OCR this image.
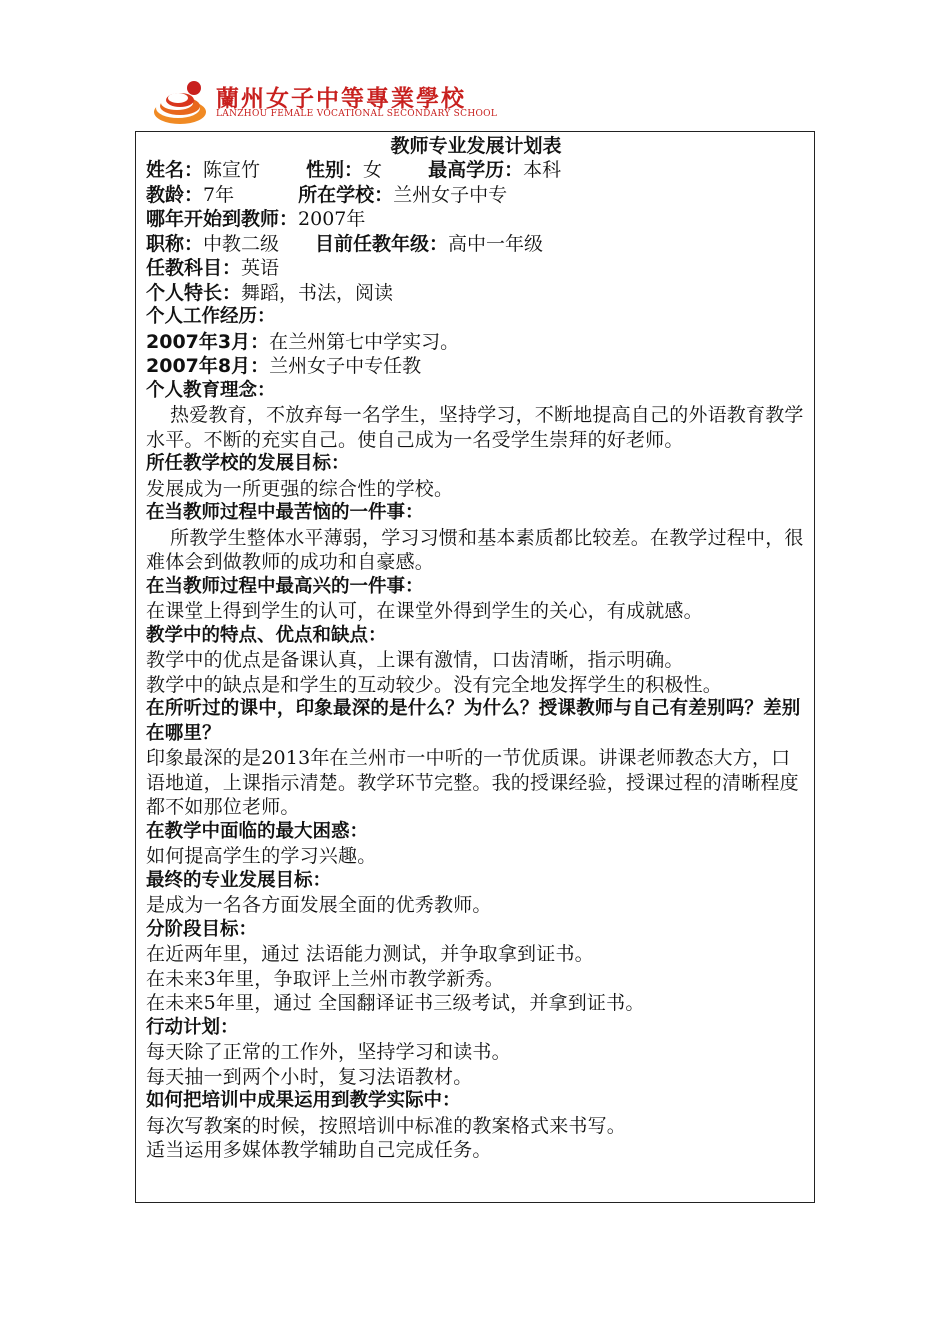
蘭州女子中等專業學校
LANZHOU FEMALE VOCATIONAL SECONDARY SCHOOL
教师专业发展计划表
姓名：陈宣竹 性别：女 最高学历：本科
教龄：7年	所在学校：兰州女子中专
哪年开始到教师：2007年
职称：中教二级 目前任教年级：高中一年级
任教科目：英语
个人特长：舞蹈，书法，阅读
个人工作经历：
2007年3月：在兰州第七中学实习。
2007年8月：兰州女子中专任教
个人教育理念：
热爱教育，不放弃每一名学生，坚持学习，不断地提高自己的外语教育教学水平。不断的充实自己。使自己成为一名受学生崇拜的好老师。
所任教学校的发展目标：
发展成为一所更强的综合性的学校。
在当教师过程中最苦恼的一件事：
所教学生整体水平薄弱，学习习惯和基本素质都比较差。在教学过程中，很难体会到做教师的成功和自豪感。
在当教师过程中最高兴的一件事：
在课堂上得到学生的认可，在课堂外得到学生的关心，有成就感。
教学中的特点、优点和缺点：
教学中的优点是备课认真，上课有激情，口齿清晰，指示明确。
教学中的缺点是和学生的互动较少。没有完全地发挥学生的积极性。
在所听过的课中，印象最深的是什么？为什么？授课教师与自己有差别吗？差别在哪里？
印象最深的是2013年在兰州市一中听的一节优质课。讲课老师教态大方，口语地道，上课指示清楚。教学环节完整。我的授课经验，授课过程的清晰程度都不如那位老师。
在教学中面临的最大困惑：
如何提高学生的学习兴趣。
最终的专业发展目标：
是成为一名各方面发展全面的优秀教师。
分阶段目标：
在近两年里，通过 法语能力测试，并争取拿到证书。
在未来3年里，争取评上兰州市教学新秀。
在未来5年里，通过 全国翻译证书三级考试，并拿到证书。
行动计划：
每天除了正常的工作外，坚持学习和读书。
每天抽一到两个小时，复习法语教材。
如何把培训中成果运用到教学实际中：
每次写教案的时候，按照培训中标准的教案格式来书写。
适当运用多媒体教学辅助自己完成任务。
